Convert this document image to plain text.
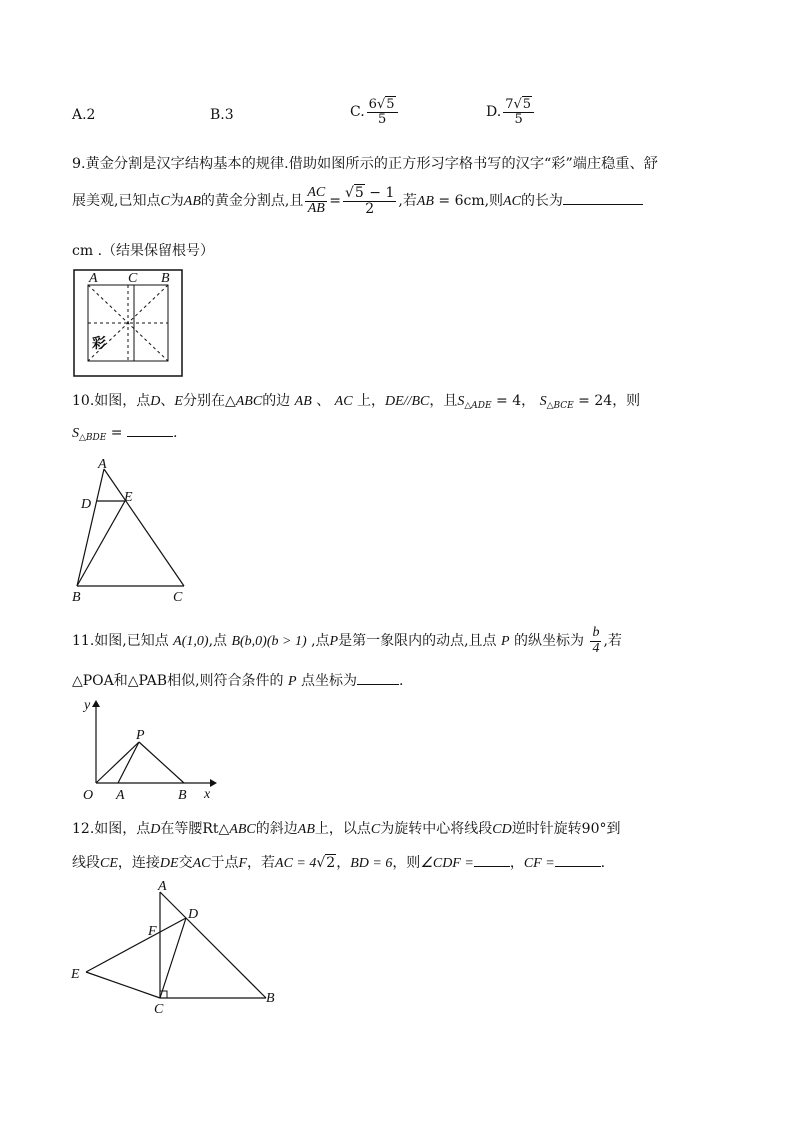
A.2	B.3	C. $\frac{6√5}{5}$	D. $\frac{7√5}{5}$
9.黄金分割是汉字结构基本的规律.借助如图所示的正方形习字格书写的汉字“彩”端庄稳重、舒
展美观,已知点C为AB的黄金分割点,且 $\frac{AC}{AB} = \frac{√5 - 1}{2}$ ,若AB = 6cm,则AC的长为
cm .（结果保留根号）
A C B
彩
10.如图，点D、E分别在△ABC的边 AB 、 AC 上，DE//BC，且$S_{\triangle ADE} = 4$， $S_{\triangle BCE} = 24$，则
$S_{\triangle BDE}$ =	.
A
D E
B	C
11.如图,已知点 A(1,0),点 B(b,0)(b > 1) ,点P是第一象限内的动点,且点 P 的纵坐标为 $\frac{b}{4}$ ,若
△POA和△PAB相似,则符合条件的 P 点坐标为	.
y
P
O A	B x
12.如图，点D在等腰Rt△ABC的斜边AB上，以点C为旋转中心将线段CD逆时针旋转90°到
线段CE，连接DE交AC于点F，若AC = 4√2，BD = 6，则∠CDF =	，CF =	.
A
D
F
E
C
B
